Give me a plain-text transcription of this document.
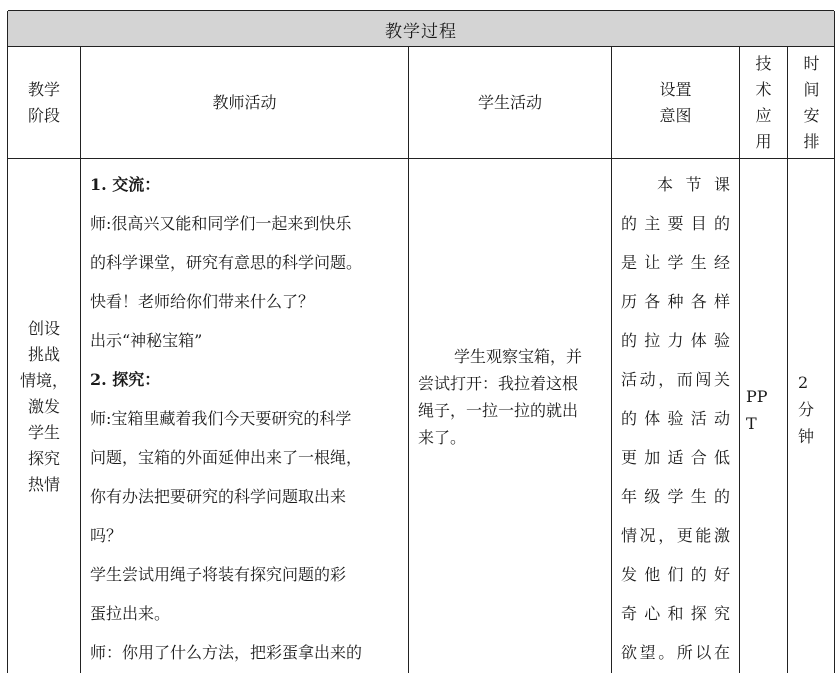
教学过程
教学
阶段
教师活动	学生活动
设置
意图
技
术
应
用
时
间
安
排
创设
挑战
情境，
激发
学生
探究
热情

1. 交流：

师:很高兴又能和同学们一起来到快乐

的科学课堂，研究有意思的科学问题。

快看！老师给你们带来什么了？

出示“神秘宝箱”

2. 探究：

师:宝箱里藏着我们今天要研究的科学

问题，宝箱的外面延伸出来了一根绳，

你有办法把要研究的科学问题取出来

吗？

学生尝试用绳子将装有探究问题的彩

蛋拉出来。

师：你用了什么方法，把彩蛋拿出来的

学生观察宝箱，并

尝试打开：我拉着这根

绳子，一拉一拉的就出

来了。

本节课

的主要目的

是让学生经

历各种各样

的拉力体验

活动，而闯关

的体验活动

更加适合低

年级学生的

情况，更能激

发他们的好

奇心和探究

欲望。所以在

PP
T
2
分
钟
